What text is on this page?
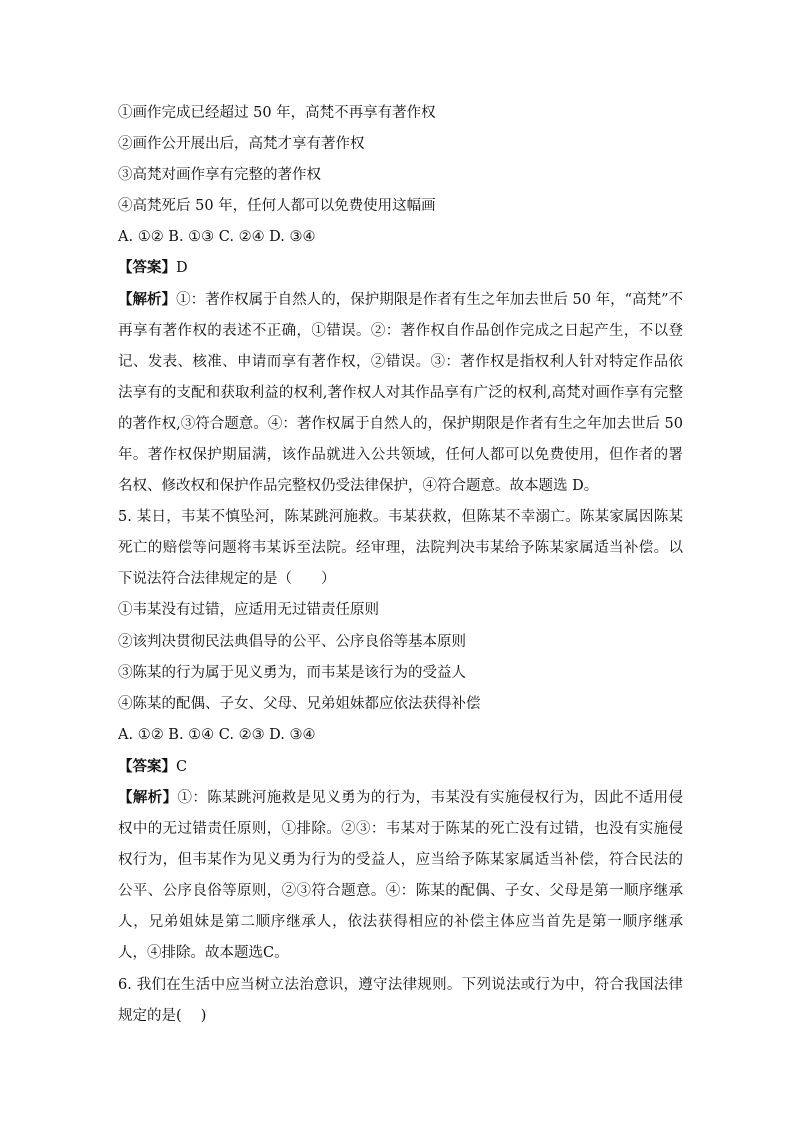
①画作完成已经超过 50 年，高梵不再享有著作权
②画作公开展出后，高梵才享有著作权
③高梵对画作享有完整的著作权
④高梵死后 50 年，任何人都可以免费使用这幅画
A. ①② B. ①③ C. ②④ D. ③④
【答案】D
【解析】①：著作权属于自然人的，保护期限是作者有生之年加去世后 50 年，“高梵”不再享有著作权的表述不正确，①错误。②：著作权自作品创作完成之日起产生，不以登记、发表、核准、申请而享有著作权，②错误。③：著作权是指权利人针对特定作品依法享有的支配和获取利益的权利,著作权人对其作品享有广泛的权利,高梵对画作享有完整的著作权,③符合题意。④：著作权属于自然人的，保护期限是作者有生之年加去世后 50 年。著作权保护期届满，该作品就进入公共领域，任何人都可以免费使用，但作者的署名权、修改权和保护作品完整权仍受法律保护，④符合题意。故本题选 D。
5. 某日，韦某不慎坠河，陈某跳河施救。韦某获救，但陈某不幸溺亡。陈某家属因陈某死亡的赔偿等问题将韦某诉至法院。经审理，法院判决韦某给予陈某家属适当补偿。以下说法符合法律规定的是（　　）
①韦某没有过错，应适用无过错责任原则
②该判决贯彻民法典倡导的公平、公序良俗等基本原则
③陈某的行为属于见义勇为，而韦某是该行为的受益人
④陈某的配偶、子女、父母、兄弟姐妹都应依法获得补偿
A. ①② B. ①④ C. ②③ D. ③④
【答案】C
【解析】①：陈某跳河施救是见义勇为的行为，韦某没有实施侵权行为，因此不适用侵权中的无过错责任原则，①排除。②③：韦某对于陈某的死亡没有过错，也没有实施侵权行为，但韦某作为见义勇为行为的受益人，应当给予陈某家属适当补偿，符合民法的公平、公序良俗等原则，②③符合题意。④：陈某的配偶、子女、父母是第一顺序继承人，兄弟姐妹是第二顺序继承人，依法获得相应的补偿主体应当首先是第一顺序继承人，④排除。故本题选C。
6. 我们在生活中应当树立法治意识，遵守法律规则。下列说法或行为中，符合我国法律规定的是(　 )
